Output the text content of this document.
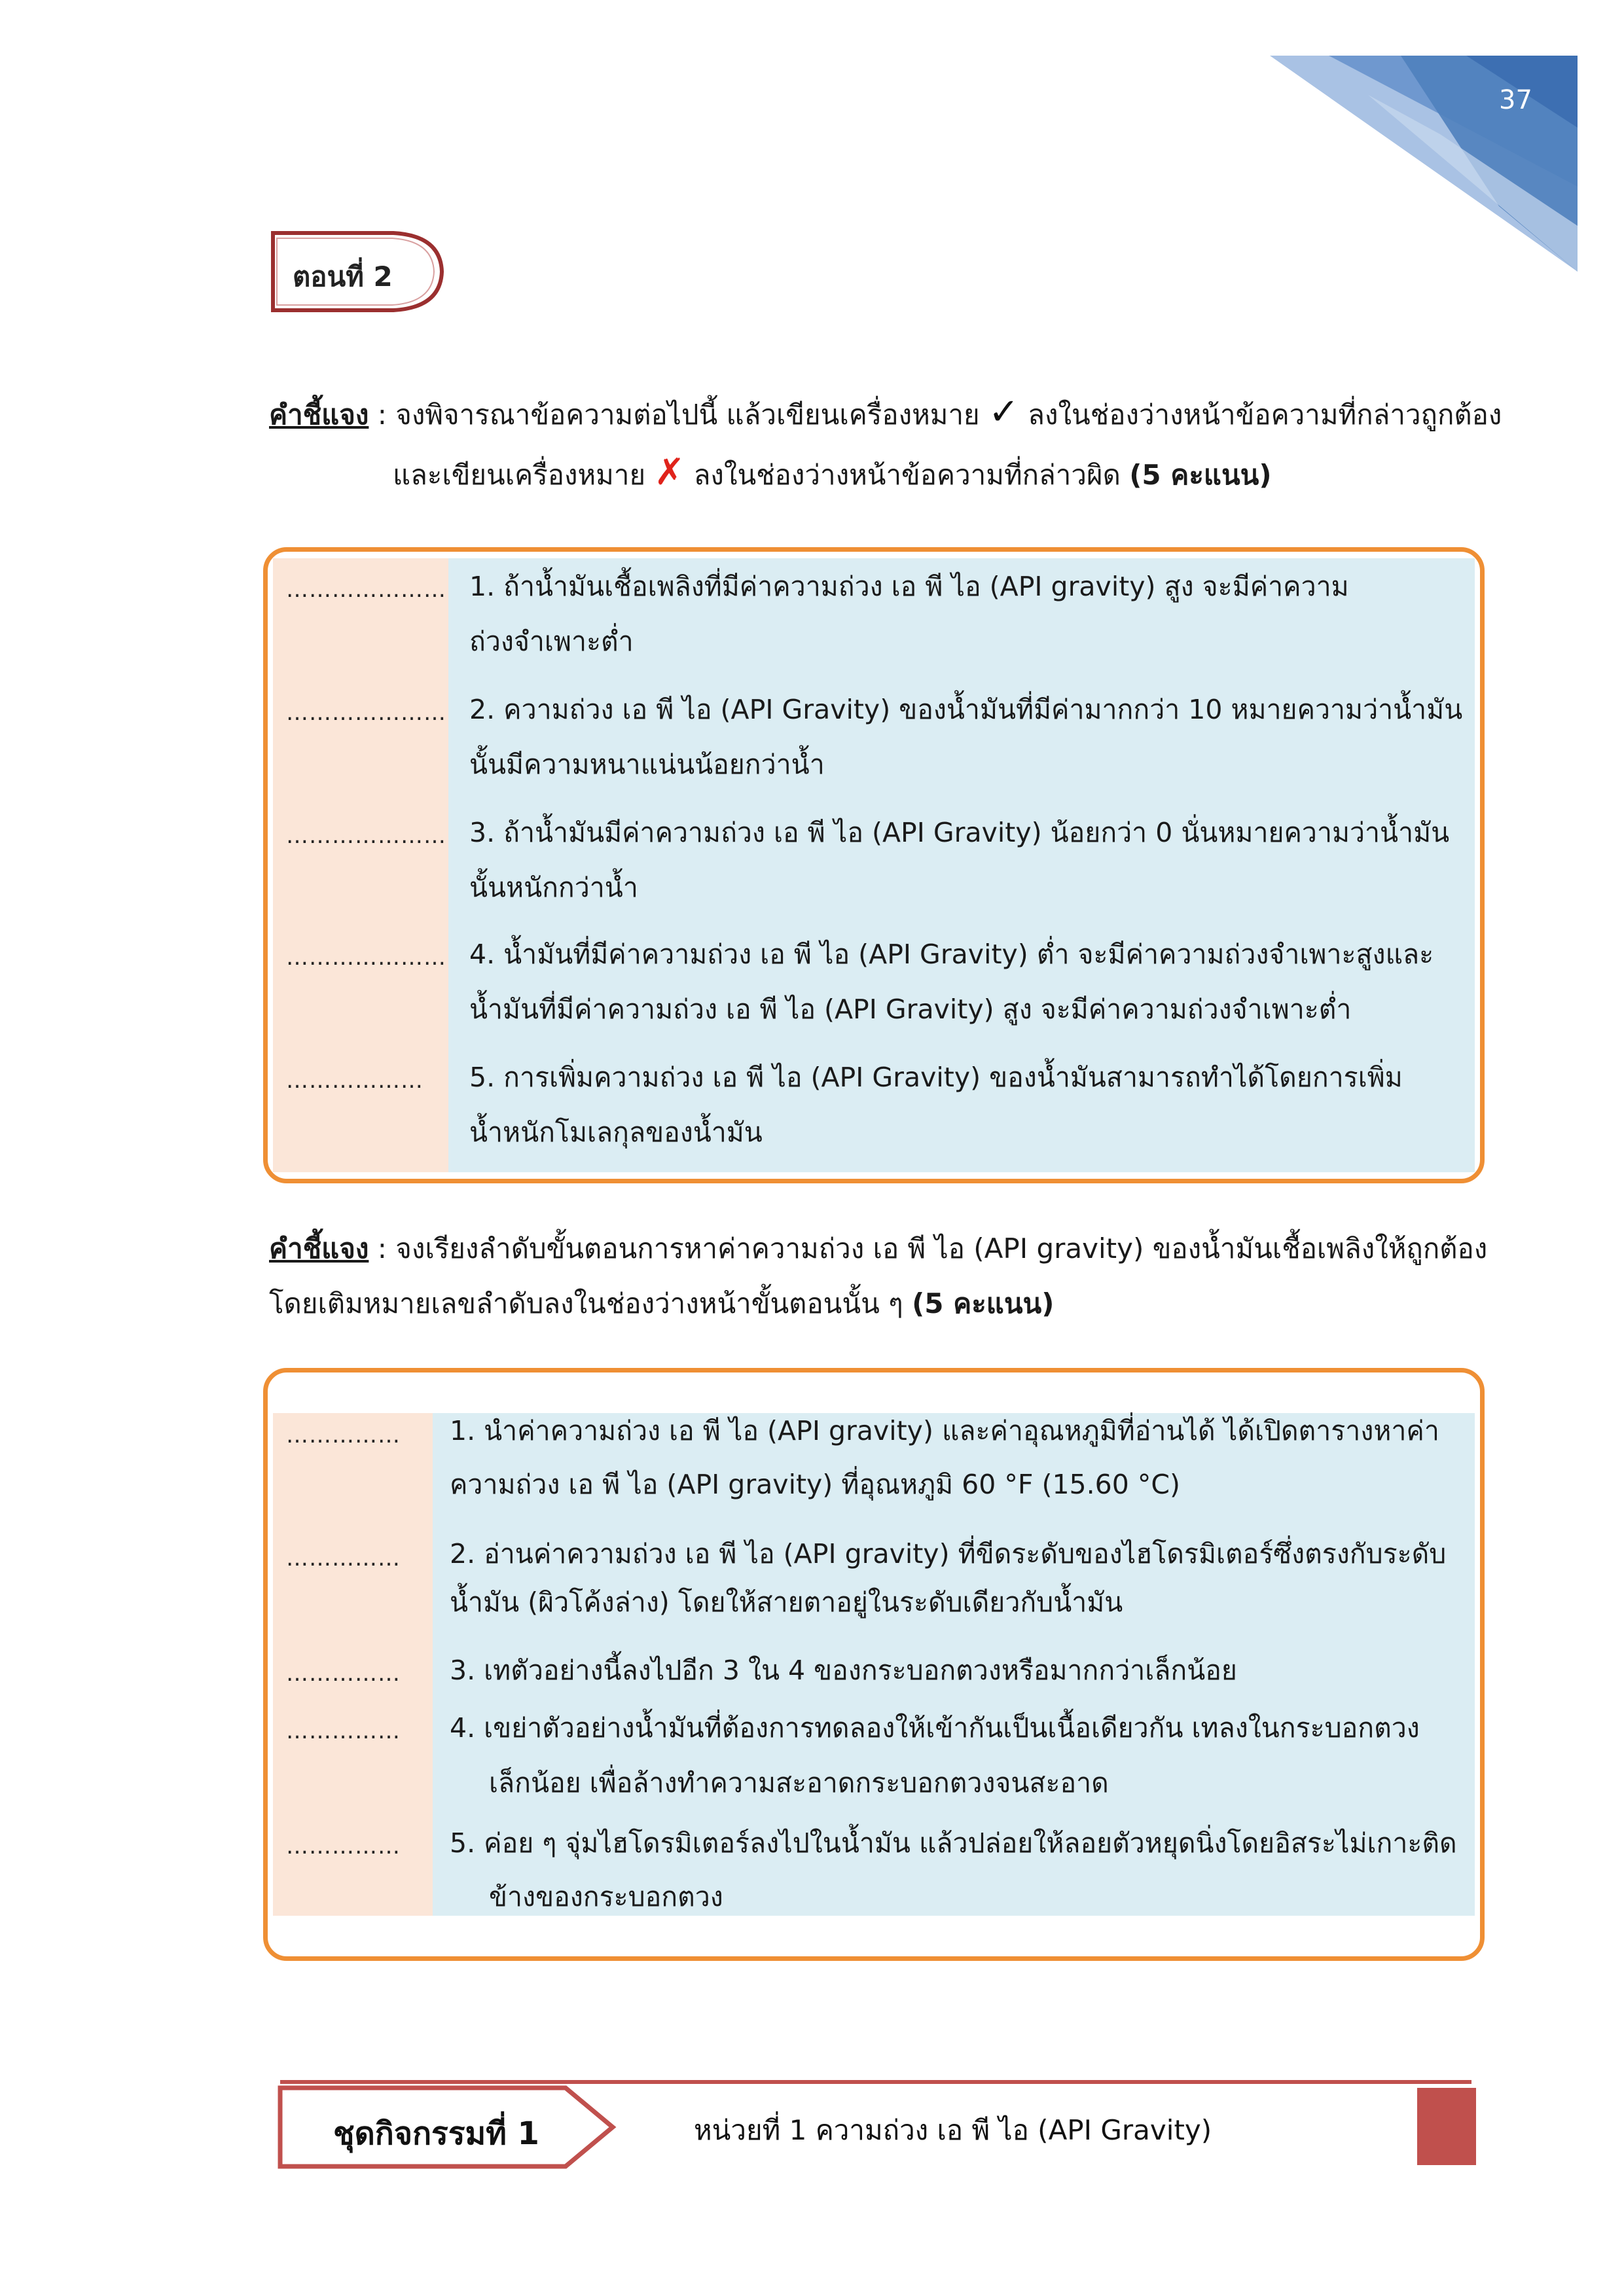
37
ตอนที่ 2
คำชี้แจง : จงพิจารณาข้อความต่อไปนี้ แล้วเขียนเครื่องหมาย ✓ ลงในช่องว่างหน้าข้อความที่กล่าวถูกต้อง
และเขียนเครื่องหมาย ✗ ลงในช่องว่างหน้าข้อความที่กล่าวผิด (5 คะแนน)
………………… 1. ถ้าน้ำมันเชื้อเพลิงที่มีค่าความถ่วง เอ พี ไอ (API gravity) สูง จะมีค่าความ
ถ่วงจำเพาะต่ำ
………………… 2. ความถ่วง เอ พี ไอ (API Gravity) ของน้ำมันที่มีค่ามากกว่า 10 หมายความว่าน้ำมัน
นั้นมีความหนาแน่นน้อยกว่าน้ำ
………………… 3. ถ้าน้ำมันมีค่าความถ่วง เอ พี ไอ (API Gravity) น้อยกว่า 0 นั่นหมายความว่าน้ำมัน
นั้นหนักกว่าน้ำ
………………… 4. น้ำมันที่มีค่าความถ่วง เอ พี ไอ (API Gravity) ต่ำ จะมีค่าความถ่วงจำเพาะสูงและ
น้ำมันที่มีค่าความถ่วง เอ พี ไอ (API Gravity) สูง จะมีค่าความถ่วงจำเพาะต่ำ
……………… 5. การเพิ่มความถ่วง เอ พี ไอ (API Gravity) ของน้ำมันสามารถทำได้โดยการเพิ่ม
น้ำหนักโมเลกุลของน้ำมัน
คำชี้แจง : จงเรียงลำดับขั้นตอนการหาค่าความถ่วง เอ พี ไอ (API gravity) ของน้ำมันเชื้อเพลิงให้ถูกต้อง
โดยเติมหมายเลขลำดับลงในช่องว่างหน้าขั้นตอนนั้น ๆ (5 คะแนน)
…………… 1. นำค่าความถ่วง เอ พี ไอ (API gravity) และค่าอุณหภูมิที่อ่านได้ ได้เปิดตารางหาค่า
ความถ่วง เอ พี ไอ (API gravity) ที่อุณหภูมิ 60 °F (15.60 °C)
…………… 2. อ่านค่าความถ่วง เอ พี ไอ (API gravity) ที่ขีดระดับของไฮโดรมิเตอร์ซึ่งตรงกับระดับ
น้ำมัน (ผิวโค้งล่าง) โดยให้สายตาอยู่ในระดับเดียวกับน้ำมัน
…………… 3. เทตัวอย่างนี้ลงไปอีก 3 ใน 4 ของกระบอกตวงหรือมากกว่าเล็กน้อย
…………… 4. เขย่าตัวอย่างน้ำมันที่ต้องการทดลองให้เข้ากันเป็นเนื้อเดียวกัน เทลงในกระบอกตวง
เล็กน้อย เพื่อล้างทำความสะอาดกระบอกตวงจนสะอาด
…………… 5. ค่อย ๆ จุ่มไฮโดรมิเตอร์ลงไปในน้ำมัน แล้วปล่อยให้ลอยตัวหยุดนิ่งโดยอิสระไม่เกาะติด
ข้างของกระบอกตวง
ชุดกิจกรรมที่ 1	หน่วยที่ 1 ความถ่วง เอ พี ไอ (API Gravity)
